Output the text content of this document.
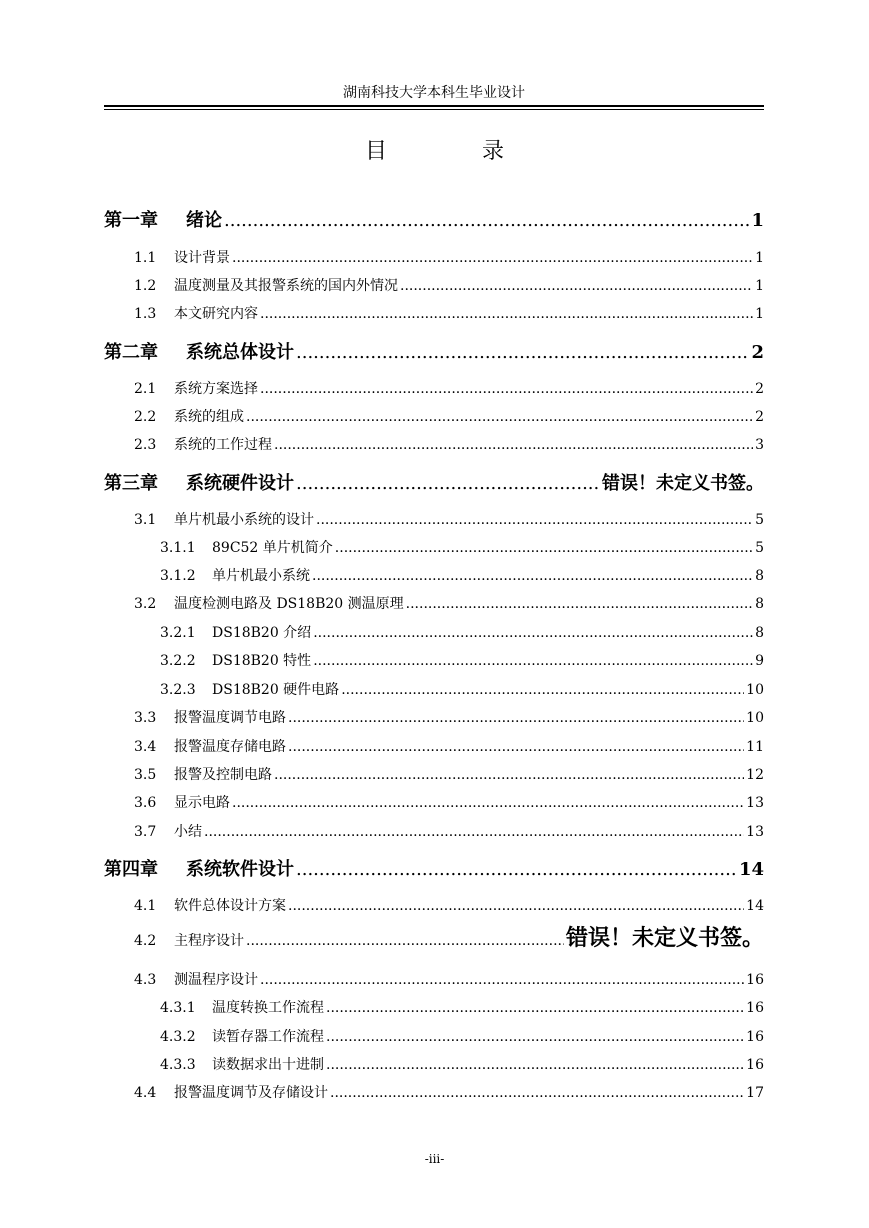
湖南科技大学本科生毕业设计
目 录
第一章	绪论 .....	1
1.1	设计背景 .....	1
1.2	温度测量及其报警系统的国内外情况 .....	1
1.3	本文研究内容 .....	1
第二章	系统总体设计 .....	2
2.1	系统方案选择 .....	2
2.2	系统的组成 .....	2
2.3	系统的工作过程 .....	3
第三章	系统硬件设计 .....	错误！未定义书签。
3.1	单片机最小系统的设计 .....	5
3.1.1	89C52 单片机简介 .....	5
3.1.2	单片机最小系统 .....	8
3.2	温度检测电路及 DS18B20 测温原理 .....	8
3.2.1	DS18B20 介绍 .....	8
3.2.2	DS18B20 特性 .....	9
3.2.3	DS18B20 硬件电路 .....	10
3.3	报警温度调节电路 .....	10
3.4	报警温度存储电路 .....	11
3.5	报警及控制电路 .....	12
3.6	显示电路 .....	13
3.7	小结 .....	13
第四章	系统软件设计 .....	14
4.1	软件总体设计方案 .....	14
4.2	主程序设计 .....	错误！未定义书签。
4.3	测温程序设计 .....	16
4.3.1	温度转换工作流程 .....	16
4.3.2	读暂存器工作流程 .....	16
4.3.3	读数据求出十进制 .....	16
4.4	报警温度调节及存储设计 .....	17
-iii-
